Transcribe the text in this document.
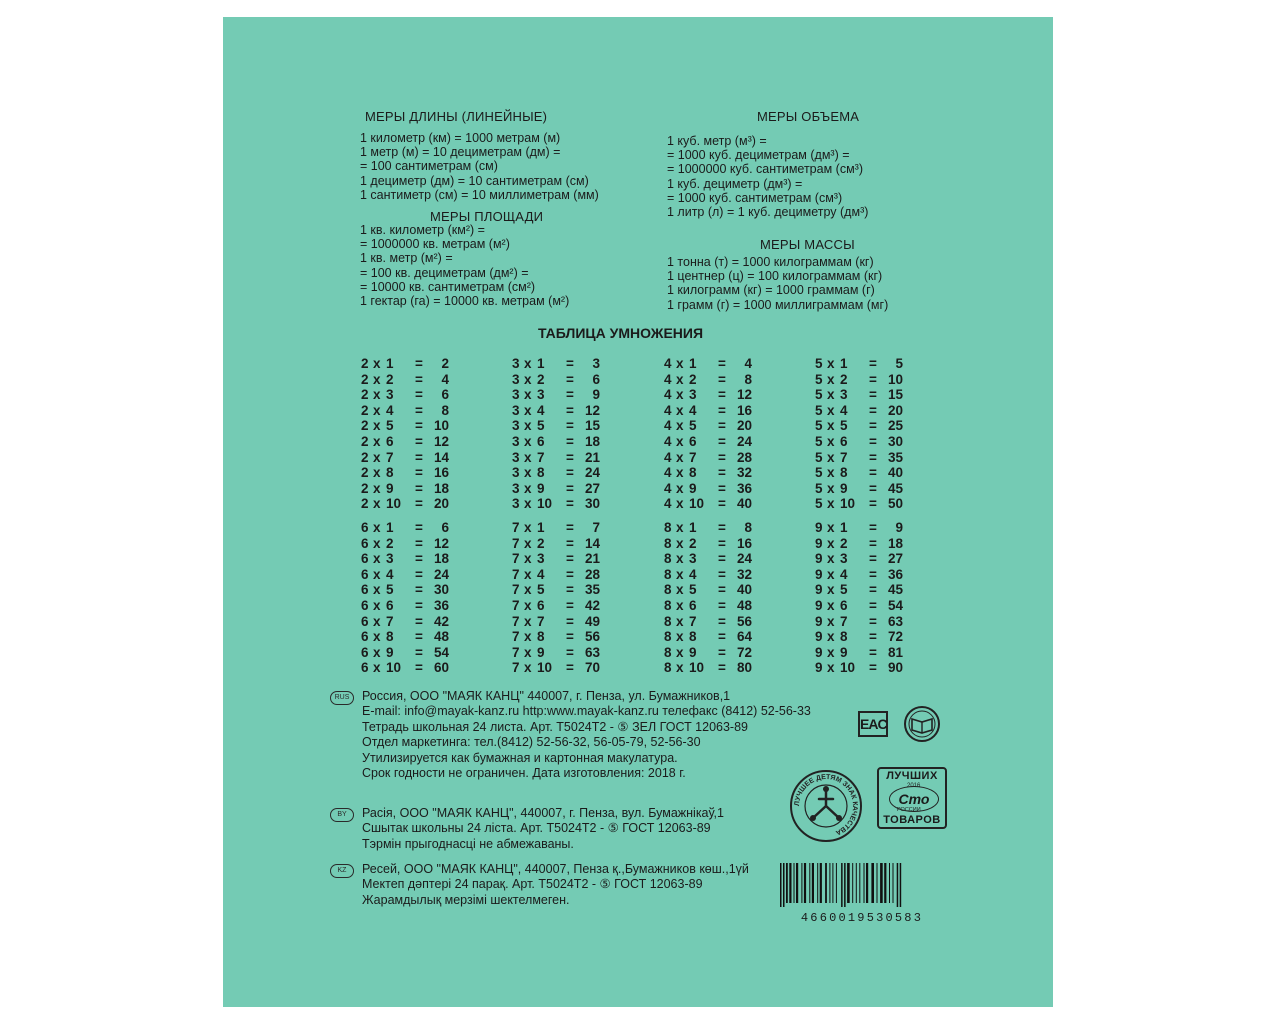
МЕРЫ ДЛИНЫ (ЛИНЕЙНЫЕ)
1 километр (км) = 1000 метрам (м)
1 метр (м) = 10 дециметрам (дм) =
= 100 сантиметрам (см)
1 дециметр (дм) = 10 сантиметрам (см)
1 сантиметр (см) = 10 миллиметрам (мм)
МЕРЫ ПЛОЩАДИ
1 кв. километр (км²) =
= 1000000 кв. метрам (м²)
1 кв. метр (м²) =
= 100 кв. дециметрам (дм²) =
= 10000 кв. сантиметрам (см²)
1 гектар (га) = 10000 кв. метрам (м²)
МЕРЫ ОБЪЕМА
1 куб. метр (м³) =
= 1000 куб. дециметрам (дм³) =
= 1000000 куб. сантиметрам (см³)
1 куб. дециметр (дм³) =
= 1000 куб. сантиметрам (см³)
1 литр (л) = 1 куб. дециметру (дм³)
МЕРЫ МАССЫ
1 тонна (т) = 1000 килограммам (кг)
1 центнер (ц) = 100 килограммам (кг)
1 килограмм (кг) = 1000 граммам (г)
1 грамм (г) = 1000 миллиграммам (мг)
ТАБЛИЦА УМНОЖЕНИЯ
2 x 1 = 2
2 x 2 = 4
2 x 3 = 6
2 x 4 = 8
2 x 5 = 10
2 x 6 = 12
2 x 7 = 14
2 x 8 = 16
2 x 9 = 18
2 x 10 = 20
3 x 1 = 3
3 x 2 = 6
3 x 3 = 9
3 x 4 = 12
3 x 5 = 15
3 x 6 = 18
3 x 7 = 21
3 x 8 = 24
3 x 9 = 27
3 x 10 = 30
4 x 1 = 4
4 x 2 = 8
4 x 3 = 12
4 x 4 = 16
4 x 5 = 20
4 x 6 = 24
4 x 7 = 28
4 x 8 = 32
4 x 9 = 36
4 x 10 = 40
5 x 1 = 5
5 x 2 = 10
5 x 3 = 15
5 x 4 = 20
5 x 5 = 25
5 x 6 = 30
5 x 7 = 35
5 x 8 = 40
5 x 9 = 45
5 x 10 = 50
6 x 1 = 6
6 x 2 = 12
6 x 3 = 18
6 x 4 = 24
6 x 5 = 30
6 x 6 = 36
6 x 7 = 42
6 x 8 = 48
6 x 9 = 54
6 x 10 = 60
7 x 1 = 7
7 x 2 = 14
7 x 3 = 21
7 x 4 = 28
7 x 5 = 35
7 x 6 = 42
7 x 7 = 49
7 x 8 = 56
7 x 9 = 63
7 x 10 = 70
8 x 1 = 8
8 x 2 = 16
8 x 3 = 24
8 x 4 = 32
8 x 5 = 40
8 x 6 = 48
8 x 7 = 56
8 x 8 = 64
8 x 9 = 72
8 x 10 = 80
9 x 1 = 9
9 x 2 = 18
9 x 3 = 27
9 x 4 = 36
9 x 5 = 45
9 x 6 = 54
9 x 7 = 63
9 x 8 = 72
9 x 9 = 81
9 x 10 = 90
RUS	Россия, ООО "МАЯК КАНЦ" 440007, г. Пенза, ул. Бумажников,1
E-mail: info@mayak-kanz.ru http:www.mayak-kanz.ru телефакс (8412) 52-56-33
Тетрадь школьная 24 листа. Арт. Т5024Т2 - ⑤ ЗЕЛ ГОСТ 12063-89
Отдел маркетинга: тел.(8412) 52-56-32, 56-05-79, 52-56-30
Утилизируется как бумажная и картонная макулатура.
Срок годности не ограничен. Дата изготовления: 2018 г.
BY	Расія, ООО "МАЯК КАНЦ", 440007, г. Пенза, вул. Бумажнікаў,1
Сшытак школьны 24 ліста. Арт. Т5024Т2 - ⑤ ГОСТ 12063-89
Тэрмін прыгоднасці не абмежаваны.
KZ	Ресей, ООО "МАЯК КАНЦ", 440007, Пенза қ.,Бумажников көш.,1үй
Мектеп дәптері 24 парақ. Арт. Т5024Т2 - ⑤ ГОСТ 12063-89
Жарамдылық мерзімі шектелмеген.
EAC
ЛУЧШЕЕ ДЕТЯМ ЗНАК КАЧЕСТВА
ЛУЧШИХ
Сто
2016
РОССИИ
ТОВАРОВ
4660019530583
